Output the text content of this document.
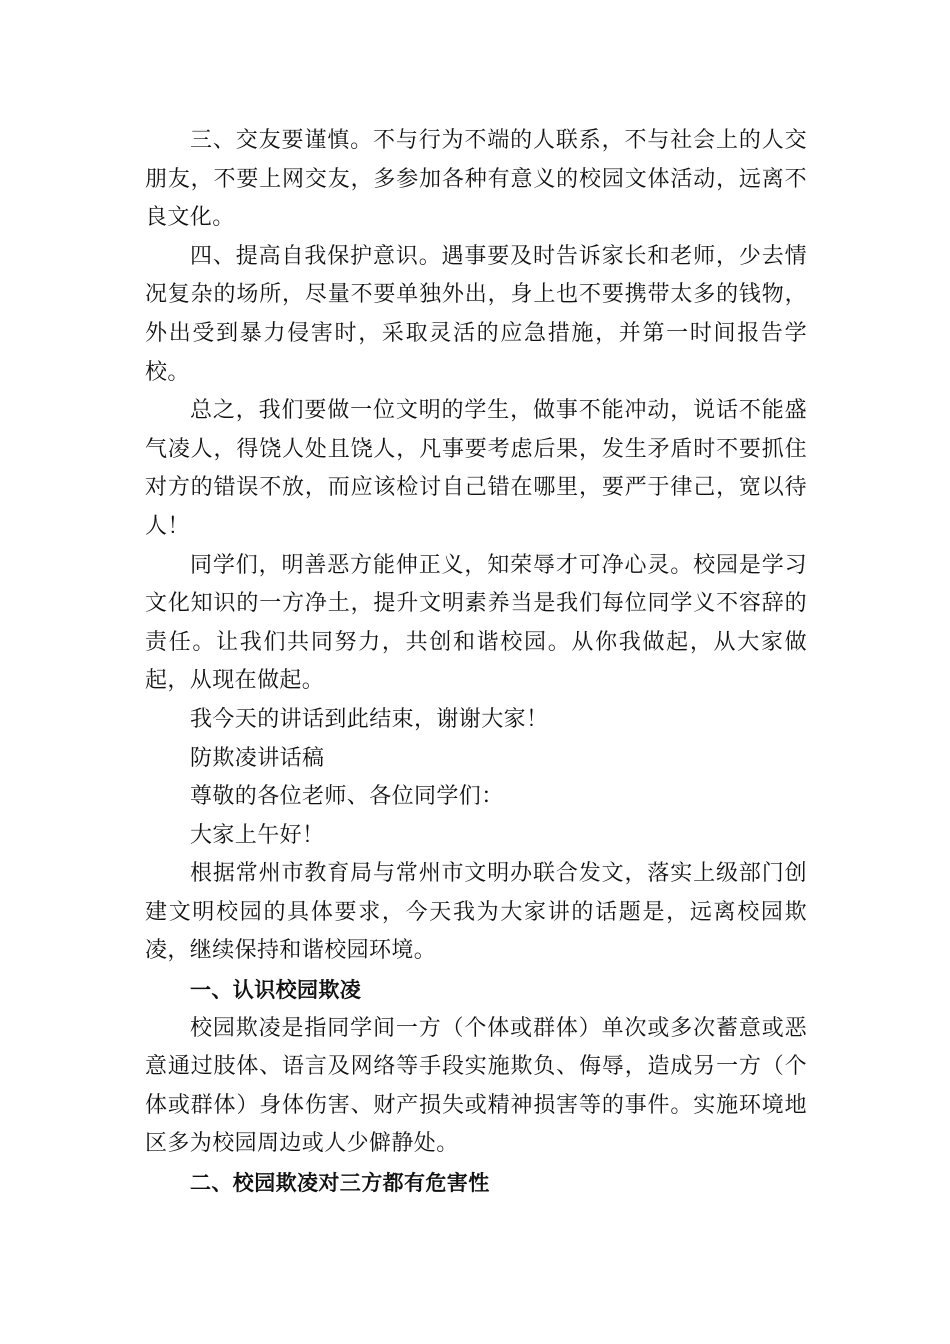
三、交友要谨慎。不与行为不端的人联系，不与社会上的人交朋友，不要上网交友，多参加各种有意义的校园文体活动，远离不良文化。

四、提高自我保护意识。遇事要及时告诉家长和老师，少去情况复杂的场所，尽量不要单独外出，身上也不要携带太多的钱物，外出受到暴力侵害时，采取灵活的应急措施，并第一时间报告学校。

总之，我们要做一位文明的学生，做事不能冲动，说话不能盛气凌人，得饶人处且饶人，凡事要考虑后果，发生矛盾时不要抓住对方的错误不放，而应该检讨自己错在哪里，要严于律己，宽以待人！

同学们，明善恶方能伸正义，知荣辱才可净心灵。校园是学习文化知识的一方净土，提升文明素养当是我们每位同学义不容辞的责任。让我们共同努力，共创和谐校园。从你我做起，从大家做起，从现在做起。

我今天的讲话到此结束，谢谢大家！

防欺凌讲话稿

尊敬的各位老师、各位同学们：

大家上午好！

根据常州市教育局与常州市文明办联合发文，落实上级部门创建文明校园的具体要求，今天我为大家讲的话题是，远离校园欺凌，继续保持和谐校园环境。

一、认识校园欺凌

校园欺凌是指同学间一方（个体或群体）单次或多次蓄意或恶意通过肢体、语言及网络等手段实施欺负、侮辱，造成另一方（个体或群体）身体伤害、财产损失或精神损害等的事件。实施环境地区多为校园周边或人少僻静处。

二、校园欺凌对三方都有危害性
